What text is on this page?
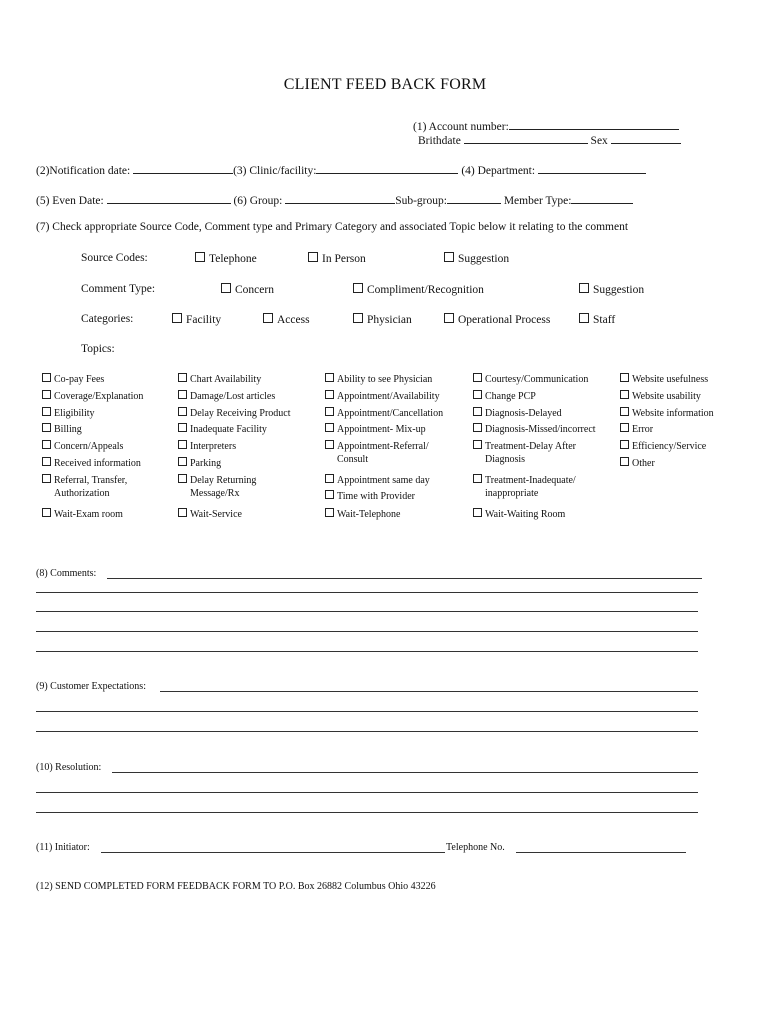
CLIENT FEED BACK FORM
(1) Account number:
Brithdate	Sex
(2)Notification date:	(3) Clinic/facility:	(4) Department:
(5) Even Date:	(6) Group:	Sub-group:	Member Type:
(7) Check appropriate Source Code, Comment type and Primary Category and associated Topic below it relating to the comment
Source Codes:	Telephone	In Person	Suggestion
Comment Type:	Concern	Compliment/Recognition	Suggestion
Categories:	Facility	Access	Physician	Operational Process	Staff
Topics:
Co-pay Fees
Coverage/Explanation
Eligibility
Billing
Concern/Appeals
Received information
Referral, Transfer,
Authorization
Wait-Exam room
Chart Availability
Damage/Lost articles
Delay Receiving Product
Inadequate Facility
Interpreters
Parking
Delay Returning
Message/Rx
Wait-Service
Ability to see Physician
Appointment/Availability
Appointment/Cancellation
Appointment- Mix-up
Appointment-Referral/
Consult
Appointment same day
Time with Provider
Wait-Telephone
Courtesy/Communication
Change PCP
Diagnosis-Delayed
Diagnosis-Missed/incorrect
Treatment-Delay After
Diagnosis
Treatment-Inadequate/
inappropriate
Wait-Waiting Room
Website usefulness
Website usability
Website information
Error
Efficiency/Service
Other
(8) Comments:
(9) Customer Expectations:
(10) Resolution:
(11) Initiator:	Telephone No.
(12) SEND COMPLETED FORM FEEDBACK FORM TO P.O. Box 26882 Columbus Ohio 43226
